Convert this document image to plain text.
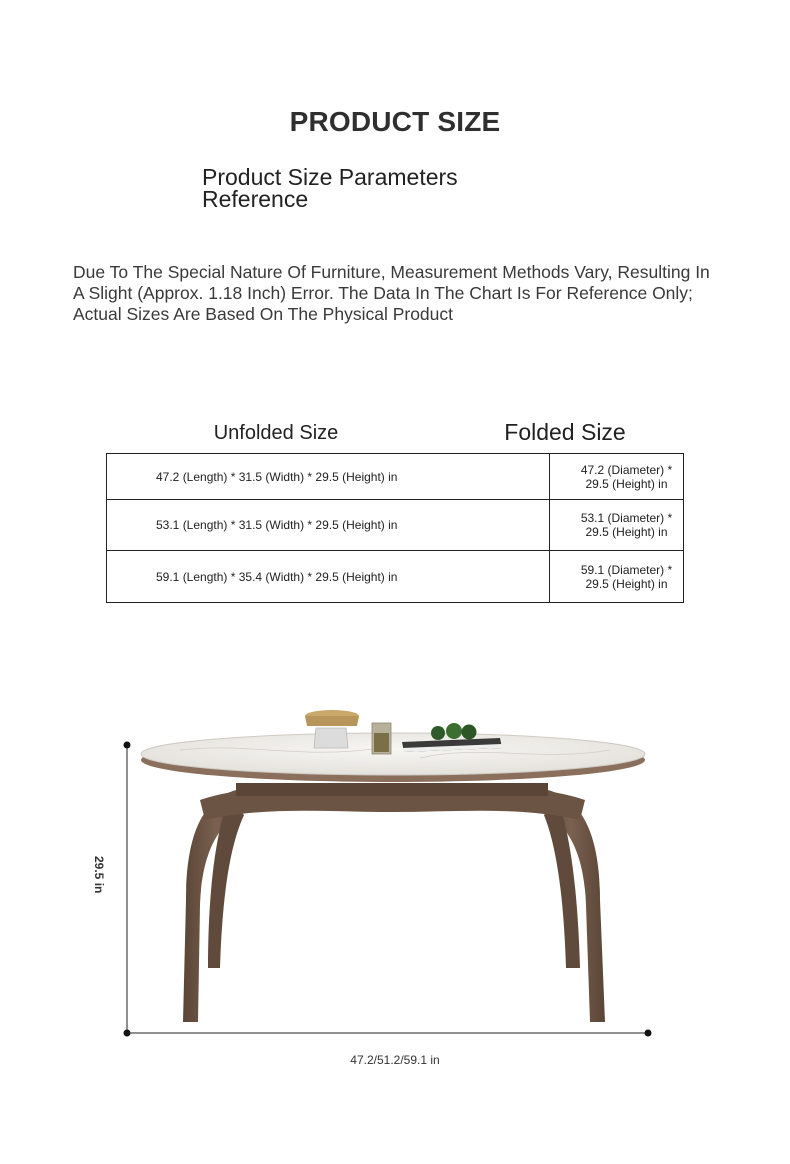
PRODUCT SIZE
Product Size Parameters
Reference
Due To The Special Nature Of Furniture, Measurement Methods Vary, Resulting In A Slight (Approx. 1.18 Inch) Error. The Data In The Chart Is For Reference Only; Actual Sizes Are Based On The Physical Product
Unfolded Size	Folded Size
47.2 (Length) * 31.5 (Width) * 29.5 (Height) in	47.2 (Diameter) * 29.5 (Height) in
53.1 (Length) * 31.5 (Width) * 29.5 (Height) in	53.1 (Diameter) * 29.5 (Height) in
59.1 (Length) * 35.4 (Width) * 29.5 (Height) in	59.1 (Diameter) * 29.5 (Height) in
29.5 in
47.2/51.2/59.1 in
